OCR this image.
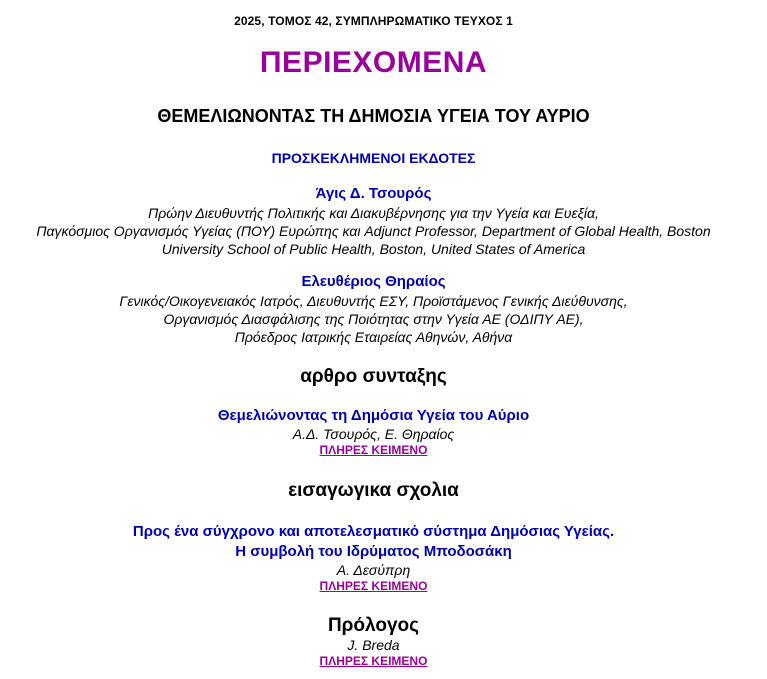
2025, ΤΟΜΟΣ 42, ΣΥΜΠΛΗΡΩΜΑΤΙΚΟ ΤΕΥΧΟΣ 1
ΠΕΡΙΕΧΟΜΕΝΑ
ΘΕΜΕΛΙΩΝΟΝΤΑΣ ΤΗ ΔΗΜΟΣΙΑ ΥΓΕΙΑ ΤΟΥ ΑΥΡΙΟ
ΠΡΟΣΚΕΚΛΗΜΕΝΟΙ ΕΚΔΟΤΕΣ
Άγις Δ. Τσουρός
Πρώην Διευθυντής Πολιτικής και Διακυβέρνησης για την Υγεία και Ευεξία,
Παγκόσμιος Οργανισμός Υγείας (ΠΟΥ) Ευρώπης και Adjunct Professor, Department of Global Health, Boston
University School of Public Health, Boston, United States of America
Ελευθέριος Θηραίος
Γενικός/Οικογενειακός Ιατρός, Διευθυντής ΕΣΥ, Προϊστάμενος Γενικής Διεύθυνσης,
Οργανισμός Διασφάλισης της Ποιότητας στην Υγεία ΑΕ (ΟΔΙΠΥ ΑΕ),
Πρόεδρος Ιατρικής Εταιρείας Αθηνών, Αθήνα
αρθρο συνταξης
Θεμελιώνοντας τη Δημόσια Υγεία του Αύριο
Α.Δ. Τσουρός, Ε. Θηραίος
ΠΛΗΡΕΣ ΚΕΙΜΕΝΟ
εισαγωγικα σχολια
Προς ένα σύγχρονο και αποτελεσματικό σύστημα Δημόσιας Υγείας.
Η συμβολή του Ιδρύματος Μποδοσάκη
Α. Δεσύπρη
ΠΛΗΡΕΣ ΚΕΙΜΕΝΟ
Πρόλογος
J. Breda
ΠΛΗΡΕΣ ΚΕΙΜΕΝΟ
